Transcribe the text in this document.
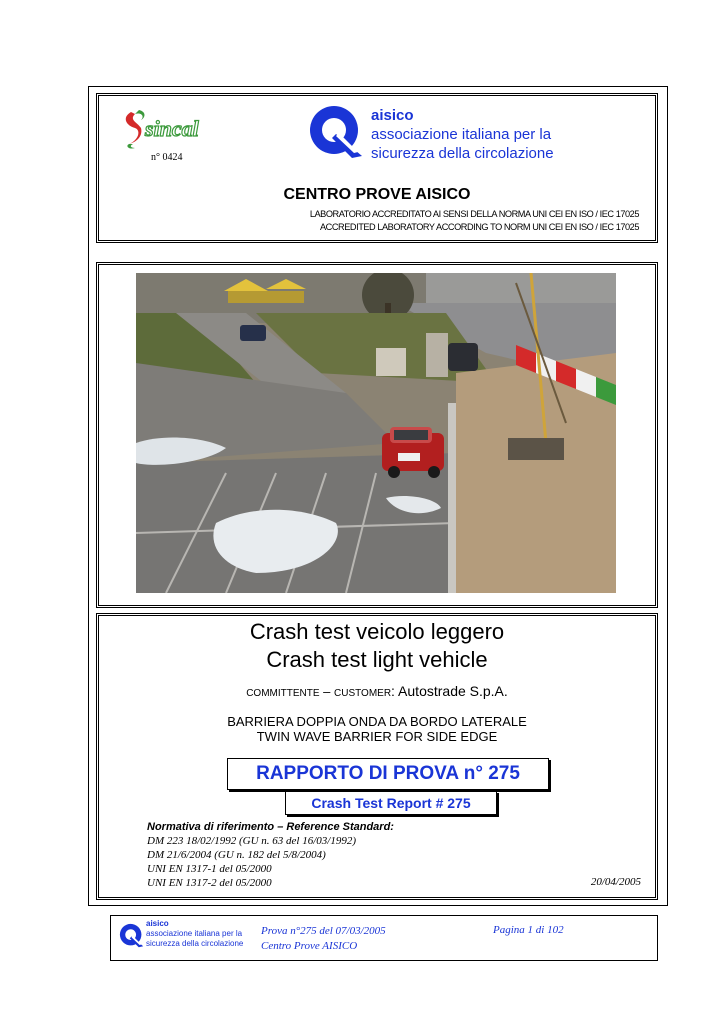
sincal
n° 0424
aisico
associazione italiana per la
sicurezza della circolazione
CENTRO PROVE AISICO
LABORATORIO ACCREDITATO AI SENSI DELLA NORMA UNI CEI EN ISO / IEC 17025
ACCREDITED LABORATORY ACCORDING TO NORM UNI CEI EN ISO / IEC 17025
Crash test veicolo leggero
Crash test light vehicle
committente – customer: Autostrade S.p.A.
BARRIERA DOPPIA ONDA DA BORDO LATERALE
TWIN WAVE BARRIER FOR SIDE EDGE
RAPPORTO DI PROVA n° 275
Crash Test Report # 275
Normativa di riferimento – Reference Standard:
DM 223 18/02/1992 (GU n. 63 del 16/03/1992)
DM 21/6/2004 (GU n. 182 del 5/8/2004)
UNI EN 1317-1 del 05/2000
UNI EN 1317-2 del 05/2000	20/04/2005
aisico
associazione italiana per la
sicurezza della circolazione
Prova n°275 del 07/03/2005
Centro Prove AISICO
Pagina 1 di 102
